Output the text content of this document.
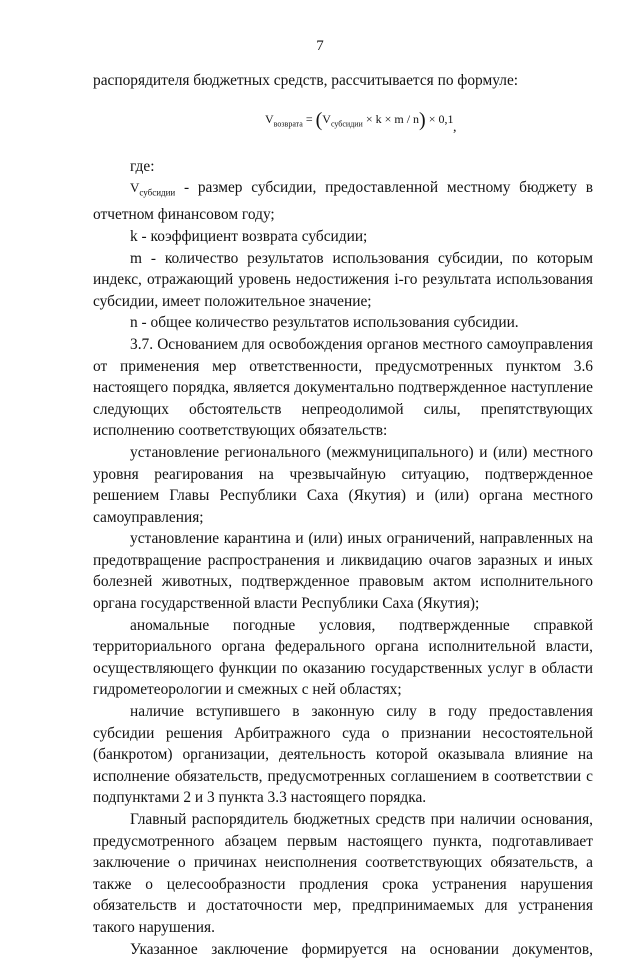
7

распорядителя бюджетных средств, рассчитывается по формуле:

$V_{возврата} = (V_{субсидии} \times k \times m / n) \times 0,1$
,

где:

$V_{субсидии}$ - размер субсидии, предоставленной местному бюджету в отчетном финансовом году;

k - коэффициент возврата субсидии;

m - количество результатов использования субсидии, по которым индекс, отражающий уровень недостижения i-го результата использования субсидии, имеет положительное значение;

n - общее количество результатов использования субсидии.

3.7. Основанием для освобождения органов местного самоуправления от применения мер ответственности, предусмотренных пунктом 3.6 настоящего порядка, является документально подтвержденное наступление следующих обстоятельств непреодолимой силы, препятствующих исполнению соответствующих обязательств:

установление регионального (межмуниципального) и (или) местного уровня реагирования на чрезвычайную ситуацию, подтвержденное решением Главы Республики Саха (Якутия) и (или) органа местного самоуправления;

установление карантина и (или) иных ограничений, направленных на предотвращение распространения и ликвидацию очагов заразных и иных болезней животных, подтвержденное правовым актом исполнительного органа государственной власти Республики Саха (Якутия);

аномальные погодные условия, подтвержденные справкой территориального органа федерального органа исполнительной власти, осуществляющего функции по оказанию государственных услуг в области гидрометеорологии и смежных с ней областях;

наличие вступившего в законную силу в году предоставления субсидии решения Арбитражного суда о признании несостоятельной (банкротом) организации, деятельность которой оказывала влияние на исполнение обязательств, предусмотренных соглашением в соответствии с подпунктами 2 и 3 пункта 3.3 настоящего порядка.

Главный распорядитель бюджетных средств при наличии основания, предусмотренного абзацем первым настоящего пункта, подготавливает заключение о причинах неисполнения соответствующих обязательств, а также о целесообразности продления срока устранения нарушения обязательств и достаточности мер, предпринимаемых для устранения такого нарушения.

Указанное заключение формируется на основании документов,
